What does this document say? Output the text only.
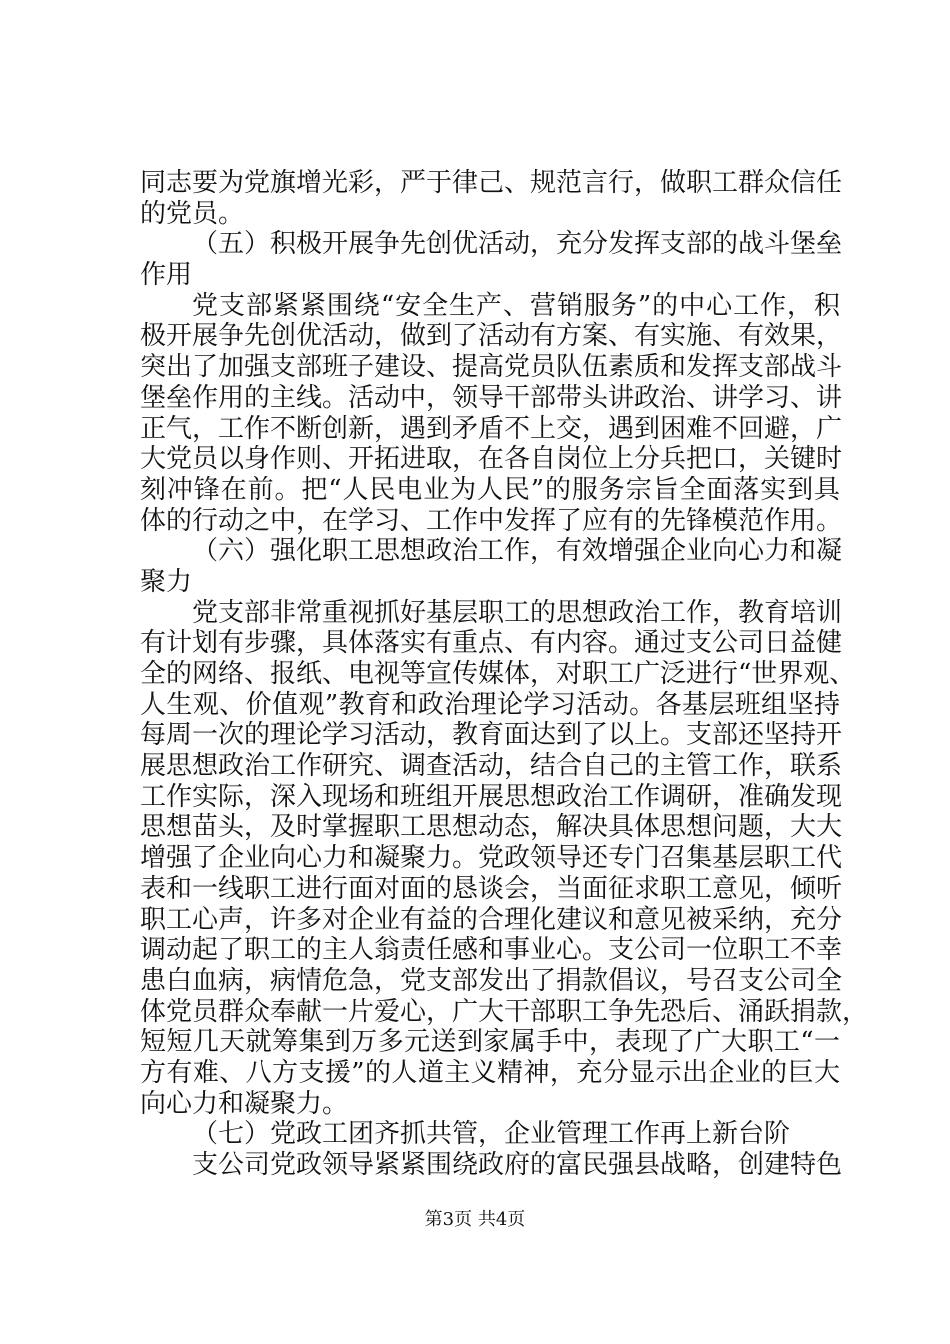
同志要为党旗增光彩，严于律己、规范言行，做职工群众信任
的党员。
（五）积极开展争先创优活动，充分发挥支部的战斗堡垒
作用
党支部紧紧围绕“安全生产、营销服务”的中心工作，积
极开展争先创优活动，做到了活动有方案、有实施、有效果，
突出了加强支部班子建设、提高党员队伍素质和发挥支部战斗
堡垒作用的主线。活动中，领导干部带头讲政治、讲学习、讲
正气，工作不断创新，遇到矛盾不上交，遇到困难不回避，广
大党员以身作则、开拓进取，在各自岗位上分兵把口，关键时
刻冲锋在前。把“人民电业为人民”的服务宗旨全面落实到具
体的行动之中，在学习、工作中发挥了应有的先锋模范作用。
（六）强化职工思想政治工作，有效增强企业向心力和凝
聚力
党支部非常重视抓好基层职工的思想政治工作，教育培训
有计划有步骤，具体落实有重点、有内容。通过支公司日益健
全的网络、报纸、电视等宣传媒体，对职工广泛进行“世界观、
人生观、价值观”教育和政治理论学习活动。各基层班组坚持
每周一次的理论学习活动，教育面达到了以上。支部还坚持开
展思想政治工作研究、调查活动，结合自己的主管工作，联系
工作实际，深入现场和班组开展思想政治工作调研，准确发现
思想苗头，及时掌握职工思想动态，解决具体思想问题，大大
增强了企业向心力和凝聚力。党政领导还专门召集基层职工代
表和一线职工进行面对面的恳谈会，当面征求职工意见，倾听
职工心声，许多对企业有益的合理化建议和意见被采纳，充分
调动起了职工的主人翁责任感和事业心。支公司一位职工不幸
患白血病，病情危急，党支部发出了捐款倡议，号召支公司全
体党员群众奉献一片爱心，广大干部职工争先恐后、涌跃捐款，
短短几天就筹集到万多元送到家属手中，表现了广大职工“一
方有难、八方支援”的人道主义精神，充分显示出企业的巨大
向心力和凝聚力。
（七）党政工团齐抓共管，企业管理工作再上新台阶
支公司党政领导紧紧围绕政府的富民强县战略，创建特色
第3页 共4页
